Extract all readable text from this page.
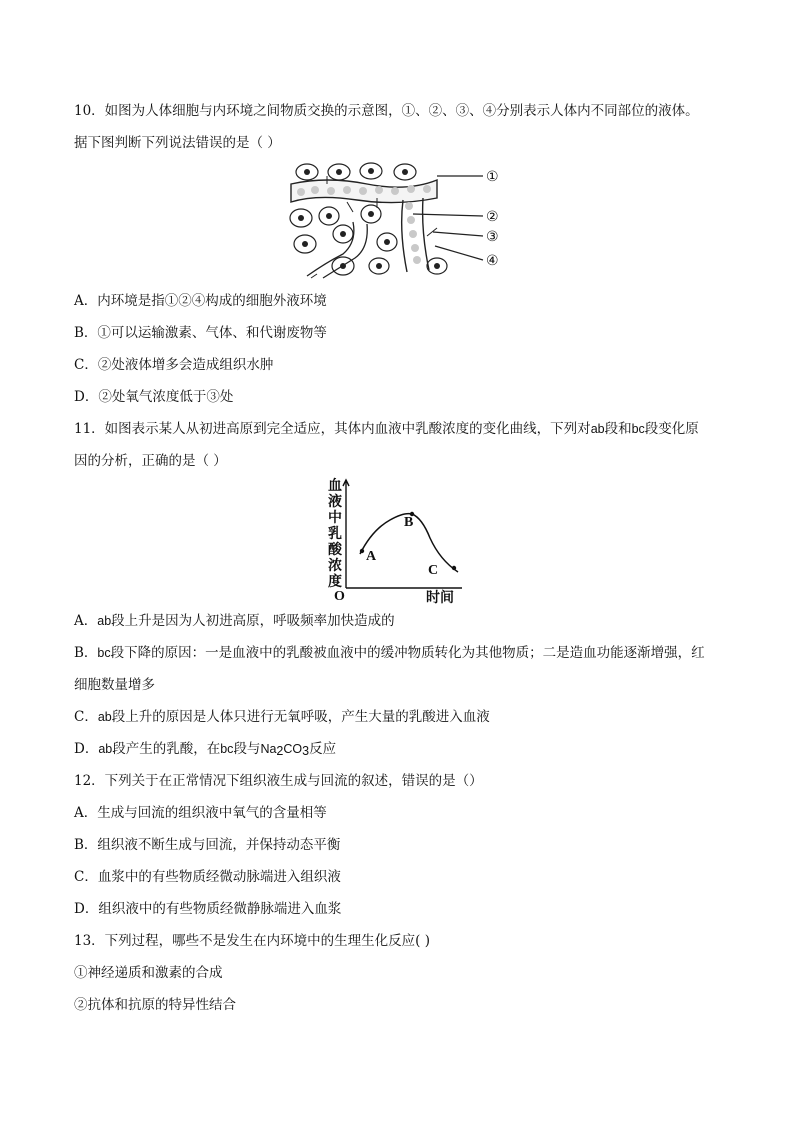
10．如图为人体细胞与内环境之间物质交换的示意图，①、②、③、④分别表示人体内不同部位的液体。
据下图判断下列说法错误的是（ ）
①
②
③
④
A．内环境是指①②④构成的细胞外液环境
B．①可以运输激素、气体、和代谢废物等
C．②处液体增多会造成组织水肿
D．②处氧气浓度低于③处
11．如图表示某人从初进高原到完全适应，其体内血液中乳酸浓度的变化曲线，下列对ab段和bc段变化原
因的分析，正确的是（ ）
血
液
中
乳
酸
浓
度
O	时间
A
B
C
A．ab段上升是因为人初进高原，呼吸频率加快造成的
B．bc段下降的原因：一是血液中的乳酸被血液中的缓冲物质转化为其他物质；二是造血功能逐渐增强，红
细胞数量增多
C．ab段上升的原因是人体只进行无氧呼吸，产生大量的乳酸进入血液
D．ab段产生的乳酸，在bc段与$Na_2CO_3$反应
12．下列关于在正常情况下组织液生成与回流的叙述，错误的是（）
A．生成与回流的组织液中氧气的含量相等
B．组织液不断生成与回流，并保持动态平衡
C．血浆中的有些物质经微动脉端进入组织液
D．组织液中的有些物质经微静脉端进入血浆
13．下列过程，哪些不是发生在内环境中的生理生化反应( )
①神经递质和激素的合成
②抗体和抗原的特异性结合
